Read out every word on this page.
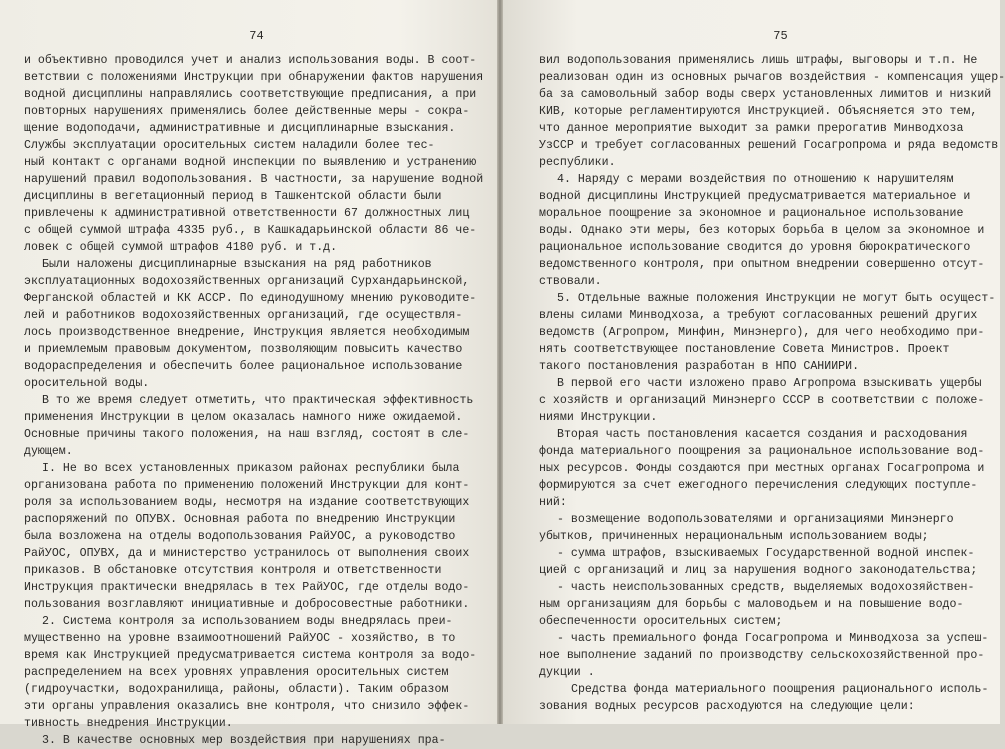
74
и объективно проводился учет и анализ использования воды. В соот-
ветствии с положениями Инструкции при обнаружении фактов нарушения
водной дисциплины направлялись соответствующие предписания, а при
повторных нарушениях применялись более действенные меры - сокра-
щение водоподачи, административные и дисциплинарные взыскания.
Службы эксплуатации оросительных систем наладили более тес-
ный контакт с органами водной инспекции по выявлению и устранению
нарушений правил водопользования. В частности, за нарушение водной
дисциплины в вегетационный период в Ташкентской области были
привлечены к административной ответственности 67 должностных лиц
с общей суммой штрафа 4335 руб., в Кашкадарьинской области 86 че-
ловек с общей суммой штрафов 4180 руб. и т.д.
Были наложены дисциплинарные взыскания на ряд работников
эксплуатационных водохозяйственных организаций Сурхандарьинской,
Ферганской областей и КК АССР. По единодушному мнению руководите-
лей и работников водохозяйственных организаций, где осуществля-
лось производственное внедрение, Инструкция является необходимым
и приемлемым правовым документом, позволяющим повысить качество
водораспределения и обеспечить более рациональное использование
оросительной воды.
В то же время следует отметить, что практическая эффективность
применения Инструкции в целом оказалась намного ниже ожидаемой.
Основные причины такого положения, на наш взгляд, состоят в сле-
дующем.
I. Не во всех установленных приказом районах республики была
организована работа по применению положений Инструкции для конт-
роля за использованием воды, несмотря на издание соответствующих
распоряжений по ОПУВХ. Основная работа по внедрению Инструкции
была возложена на отделы водопользования РайУОС, а руководство
РайУОС, ОПУВХ, да и министерство устранилось от выполнения своих
приказов. В обстановке отсутствия контроля и ответственности
Инструкция практически внедрялась в тех РайУОС, где отделы водо-
пользования возглавляют инициативные и добросовестные работники.
2. Система контроля за использованием воды внедрялась преи-
мущественно на уровне взаимоотношений РайУОС - хозяйство, в то
время как Инструкцией предусматривается система контроля за водо-
распределением на всех уровнях управления оросительных систем
(гидроучастки, водохранилища, районы, области). Таким образом
эти органы управления оказались вне контроля, что снизило эффек-
тивность внедрения Инструкции.
3. В качестве основных мер воздействия при нарушениях пра-
75
вил водопользования применялись лишь штрафы, выговоры и т.п. Не
реализован один из основных рычагов воздействия - компенсация ущер-
ба за самовольный забор воды сверх установленных лимитов и низкий
КИВ, которые регламентируются Инструкцией. Объясняется это тем,
что данное мероприятие выходит за рамки прерогатив Минводхоза
УзССР и требует согласованных решений Госагропрома и ряда ведомств
республики.
4. Наряду с мерами воздействия по отношению к нарушителям
водной дисциплины Инструкцией предусматривается материальное и
моральное поощрение за экономное и рациональное использование
воды. Однако эти меры, без которых борьба в целом за экономное и
рациональное использование сводится до уровня бюрократического
ведомственного контроля, при опытном внедрении совершенно отсут-
ствовали.
5. Отдельные важные положения Инструкции не могут быть осущест-
влены силами Минводхоза, а требуют согласованных решений других
ведомств (Агропром, Минфин, Минэнерго), для чего необходимо при-
нять соответствующее постановление Совета Министров. Проект
такого постановления разработан в НПО САНИИРИ.
В первой его части изложено право Агропрома взыскивать ущербы
с хозяйств и организаций Минэнерго СССР в соответствии с положе-
ниями Инструкции.
Вторая часть постановления касается создания и расходования
фонда материального поощрения за рациональное использование вод-
ных ресурсов. Фонды создаются при местных органах Госагропрома и
формируются за счет ежегодного перечисления следующих поступле-
ний:
- возмещение водопользователями и организациями Минэнерго
убытков, причиненных нерациональным использованием воды;
- сумма штрафов, взыскиваемых Государственной водной инспек-
цией с организаций и лиц за нарушения водного законодательства;
- часть неиспользованных средств, выделяемых водохозяйствен-
ным организациям для борьбы с маловодьем и на повышение водо-
обеспеченности оросительных систем;
- часть премиального фонда Госагропрома и Минводхоза за успеш-
ное выполнение заданий по производству сельскохозяйственной про-
дукции .
Средства фонда материального поощрения рационального исполь-
зования водных ресурсов расходуются на следующие цели:
